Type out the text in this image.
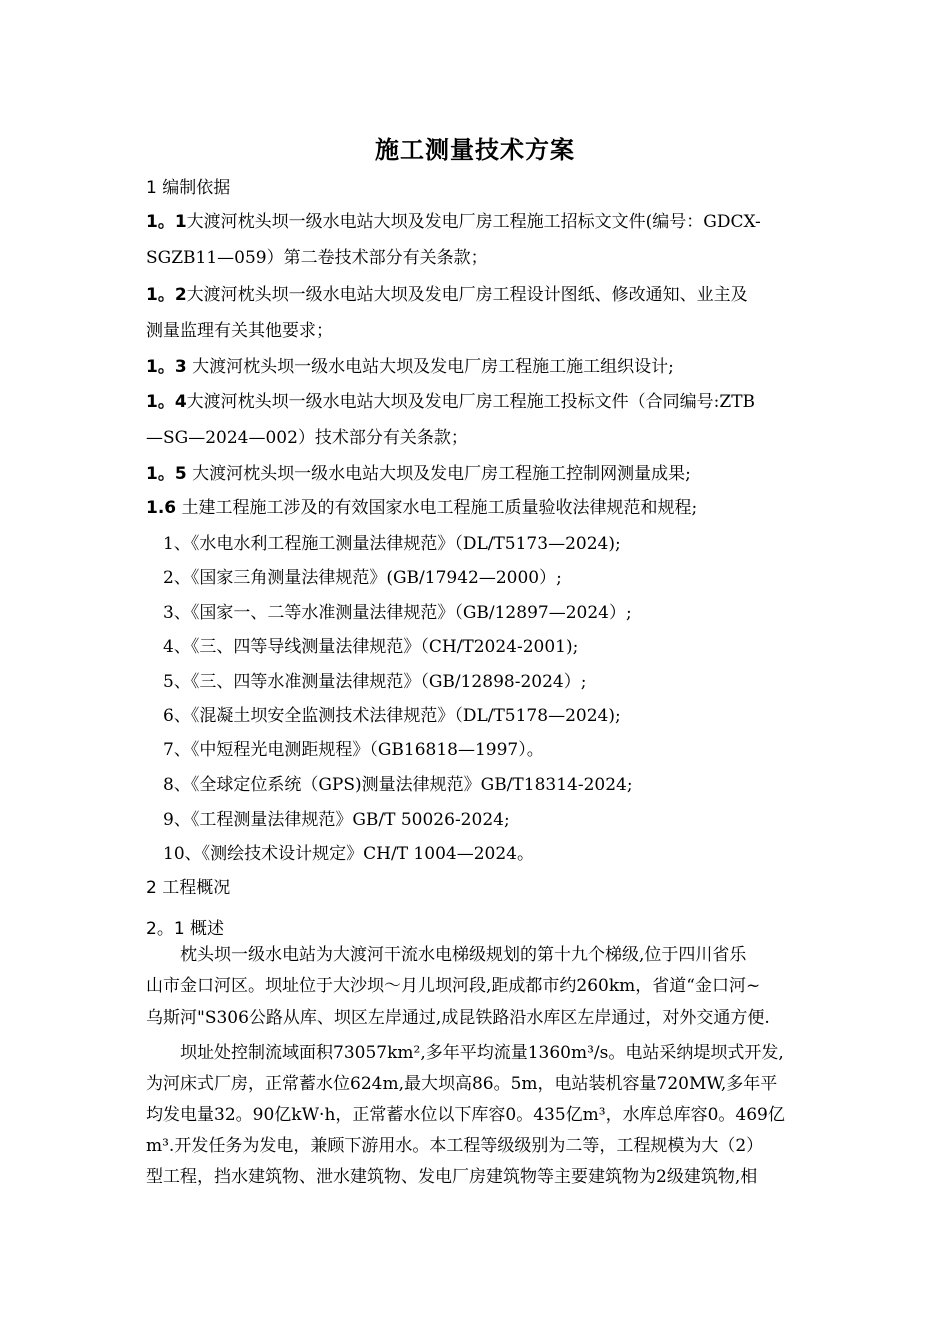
施工测量技术方案
1 编制依据
1。1大渡河枕头坝一级水电站大坝及发电厂房工程施工招标文文件(编号：GDCX-
SGZB11—059）第二卷技术部分有关条款；
1。2大渡河枕头坝一级水电站大坝及发电厂房工程设计图纸、修改通知、业主及
测量监理有关其他要求；
1。3 大渡河枕头坝一级水电站大坝及发电厂房工程施工施工组织设计;
1。4大渡河枕头坝一级水电站大坝及发电厂房工程施工投标文件（合同编号:ZTB
—SG—2024—002）技术部分有关条款；
1。5 大渡河枕头坝一级水电站大坝及发电厂房工程施工控制网测量成果;
1.6 土建工程施工涉及的有效国家水电工程施工质量验收法律规范和规程;
1、《水电水利工程施工测量法律规范》（DL/T5173—2024);
2、《国家三角测量法律规范》(GB/17942—2000）;
3、《国家一、二等水准测量法律规范》（GB/12897—2024）;
4、《三、四等导线测量法律规范》（CH/T2024-2001);
5、《三、四等水准测量法律规范》（GB/12898-2024）;
6、《混凝土坝安全监测技术法律规范》（DL/T5178—2024);
7、《中短程光电测距规程》（GB16818—1997）。
8、《全球定位系统（GPS)测量法律规范》GB/T18314-2024;
9、《工程测量法律规范》GB/T 50026-2024;
10、《测绘技术设计规定》CH/T 1004—2024。
2 工程概况
2。1 概述
　　枕头坝一级水电站为大渡河干流水电梯级规划的第十九个梯级,位于四川省乐
山市金口河区。坝址位于大沙坝～月儿坝河段,距成都市约260km，省道“金口河~
乌斯河"S306公路从库、坝区左岸通过,成昆铁路沿水库区左岸通过，对外交通方便.
　　坝址处控制流域面积73057km²,多年平均流量1360m³/s。电站采纳堤坝式开发,
为河床式厂房，正常蓄水位624m,最大坝高86。5m，电站装机容量720MW,多年平
均发电量32。90亿kW·h，正常蓄水位以下库容0。435亿m³，水库总库容0。469亿
m³.开发任务为发电，兼顾下游用水。本工程等级级别为二等，工程规模为大（2）
型工程，挡水建筑物、泄水建筑物、发电厂房建筑物等主要建筑物为2级建筑物,相
